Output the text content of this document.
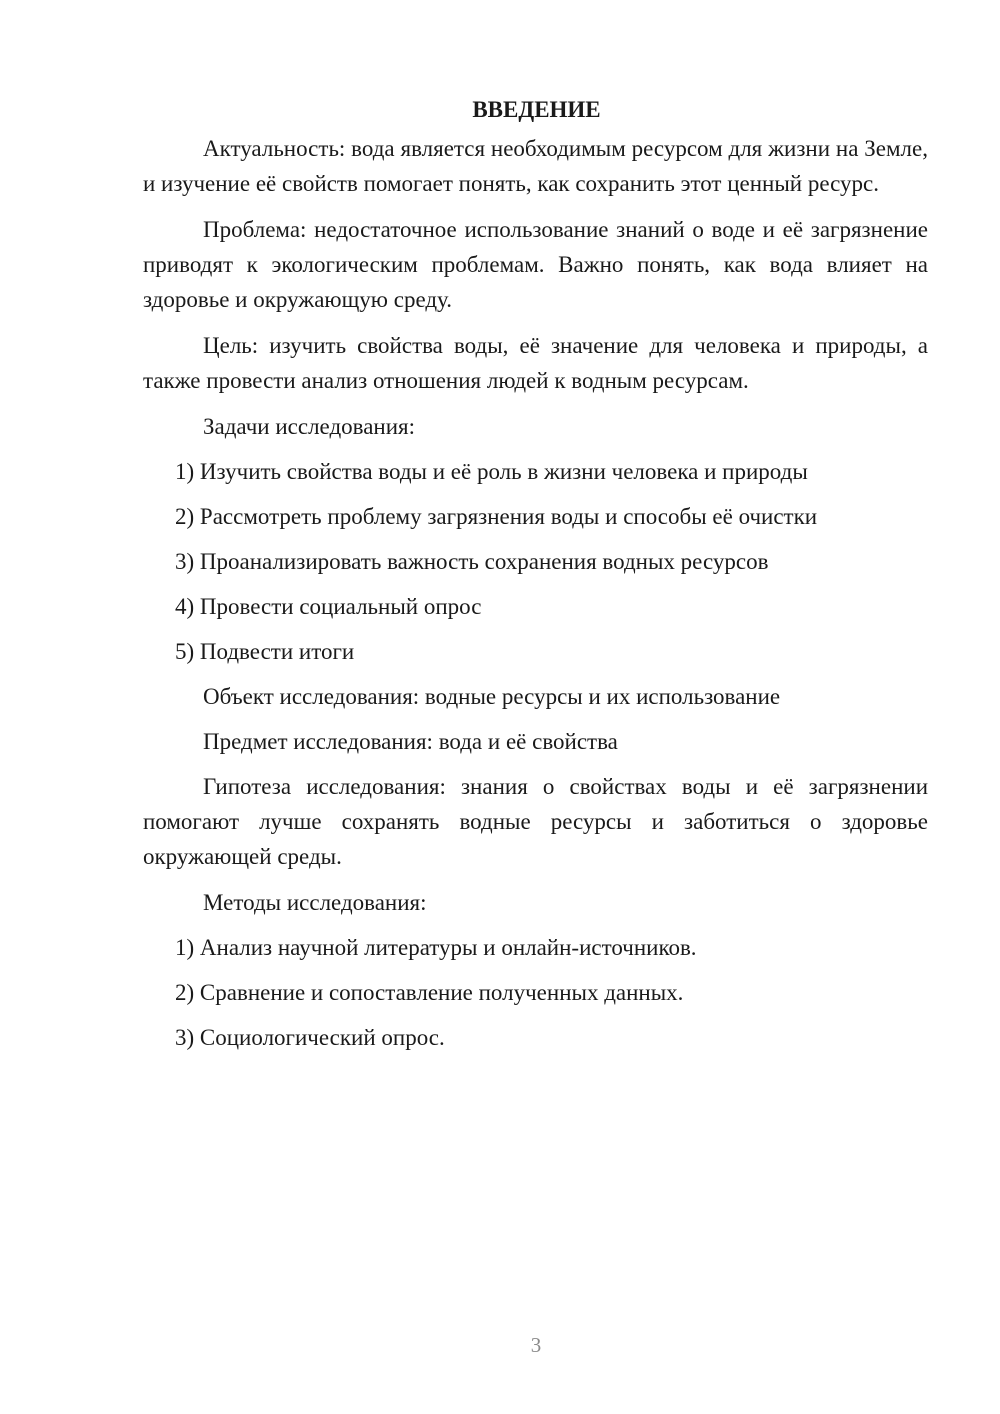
ВВЕДЕНИЕ

Актуальность: вода является необходимым ресурсом для жизни на Земле, и изучение её свойств помогает понять, как сохранить этот ценный ресурс.

Проблема: недостаточное использование знаний о воде и её загрязнение приводят к экологическим проблемам. Важно понять, как вода влияет на здоровье и окружающую среду.

Цель: изучить свойства воды, её значение для человека и природы, а также провести анализ отношения людей к водным ресурсам.

Задачи исследования:
1) Изучить свойства воды и её роль в жизни человека и природы
2) Рассмотреть проблему загрязнения воды и способы её очистки
3) Проанализировать важность сохранения водных ресурсов
4) Провести социальный опрос
5) Подвести итоги
Объект исследования: водные ресурсы и их использование
Предмет исследования: вода и её свойства

Гипотеза исследования: знания о свойствах воды и её загрязнении помогают лучше сохранять водные ресурсы и заботиться о здоровье окружающей среды.

Методы исследования:
1) Анализ научной литературы и онлайн-источников.
2) Сравнение и сопоставление полученных данных.
3) Социологический опрос.
3
